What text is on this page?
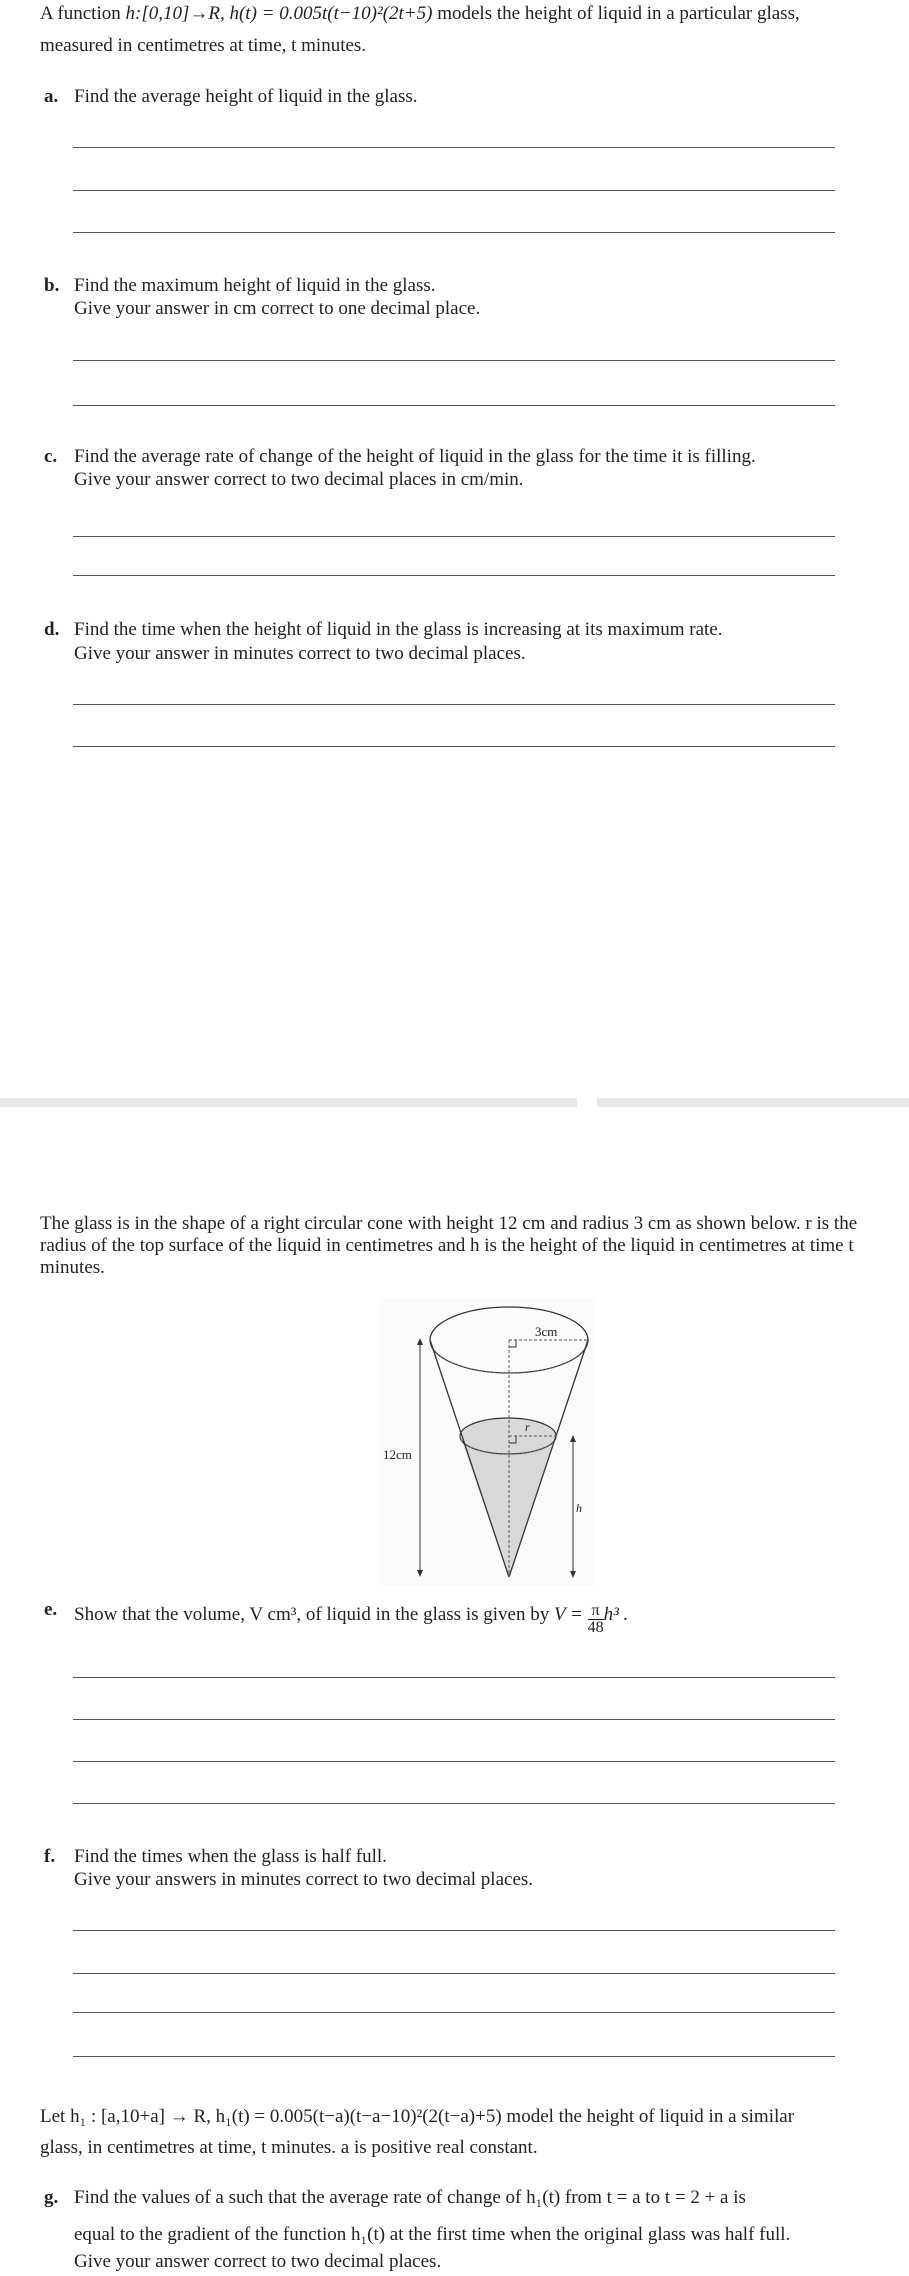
A function h:[0,10]→R, h(t) = 0.005t(t−10)²(2t+5) models the height of liquid in a particular glass,
measured in centimetres at time, t minutes.
a. Find the average height of liquid in the glass.
b. Find the maximum height of liquid in the glass.
Give your answer in cm correct to one decimal place.
c. Find the average rate of change of the height of liquid in the glass for the time it is filling.
Give your answer correct to two decimal places in cm/min.
d. Find the time when the height of liquid in the glass is increasing at its maximum rate.
Give your answer in minutes correct to two decimal places.
The glass is in the shape of a right circular cone with height 12 cm and radius 3 cm as shown below. r is the
radius of the top surface of the liquid in centimetres and h is the height of the liquid in centimetres at time t
minutes.
3cm
12cm
r
h
e. Show that the volume, V cm³, of liquid in the glass is given by $V = \frac{\pi}{48} h^3$ .
f. Find the times when the glass is half full.
Give your answers in minutes correct to two decimal places.
Let h₁ : [a,10+a] → R, h₁(t) = 0.005(t−a)(t−a−10)²(2(t−a)+5) model the height of liquid in a similar
glass, in centimetres at time, t minutes. a is positive real constant.
g. Find the values of a such that the average rate of change of h₁(t) from t = a to t = 2 + a is
equal to the gradient of the function h₁(t) at the first time when the original glass was half full.
Give your answer correct to two decimal places.
